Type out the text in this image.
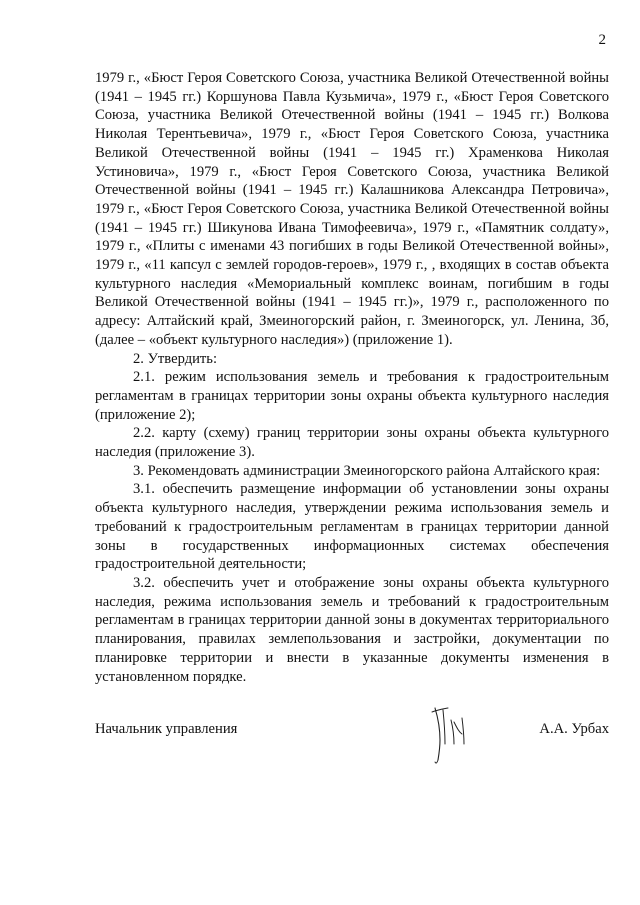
2

1979 г., «Бюст Героя Советского Союза, участника Великой Отечественной войны (1941 – 1945 гг.) Коршунова Павла Кузьмича», 1979 г., «Бюст Героя Советского Союза, участника Великой Отечественной войны (1941 – 1945 гг.) Волкова Николая Терентьевича», 1979 г., «Бюст Героя Советского Союза, участника Великой Отечественной войны (1941 – 1945 гг.) Храменкова Николая Устиновича», 1979 г., «Бюст Героя Советского Союза, участника Великой Отечественной войны (1941 – 1945 гг.) Калашникова Александра Петровича», 1979 г., «Бюст Героя Советского Союза, участника Великой Отечественной войны (1941 – 1945 гг.) Шикунова Ивана Тимофеевича», 1979 г., «Памятник солдату», 1979 г., «Плиты с именами 43 погибших в годы Великой Отечественной войны», 1979 г., «11 капсул с землей городов-героев», 1979 г., , входящих в состав объекта культурного наследия «Мемориальный комплекс воинам, погибшим в годы Великой Отечественной войны (1941 – 1945 гг.)», 1979 г., расположенного по адресу: Алтайский край, Змеиногорский район, г. Змеиногорск, ул. Ленина, 3б, (далее – «объект культурного наследия») (приложение 1).

2. Утвердить:

2.1. режим использования земель и требования к градостроительным регламентам в границах территории зоны охраны объекта культурного наследия (приложение 2);

2.2. карту (схему) границ территории зоны охраны объекта культурного наследия (приложение 3).

3. Рекомендовать администрации Змеиногорского района Алтайского края:

3.1. обеспечить размещение информации об установлении зоны охраны объекта культурного наследия, утверждении режима использования земель и требований к градостроительным регламентам в границах территории данной зоны в государственных информационных системах обеспечения градостроительной деятельности;

3.2. обеспечить учет и отображение зоны охраны объекта культурного наследия, режима использования земель и требований к градостроительным регламентам в границах территории данной зоны в документах территориального планирования, правилах землепользования и застройки, документации по планировке территории и внести в указанные документы изменения в установленном порядке.

Начальник управления	А.А. Урбах
